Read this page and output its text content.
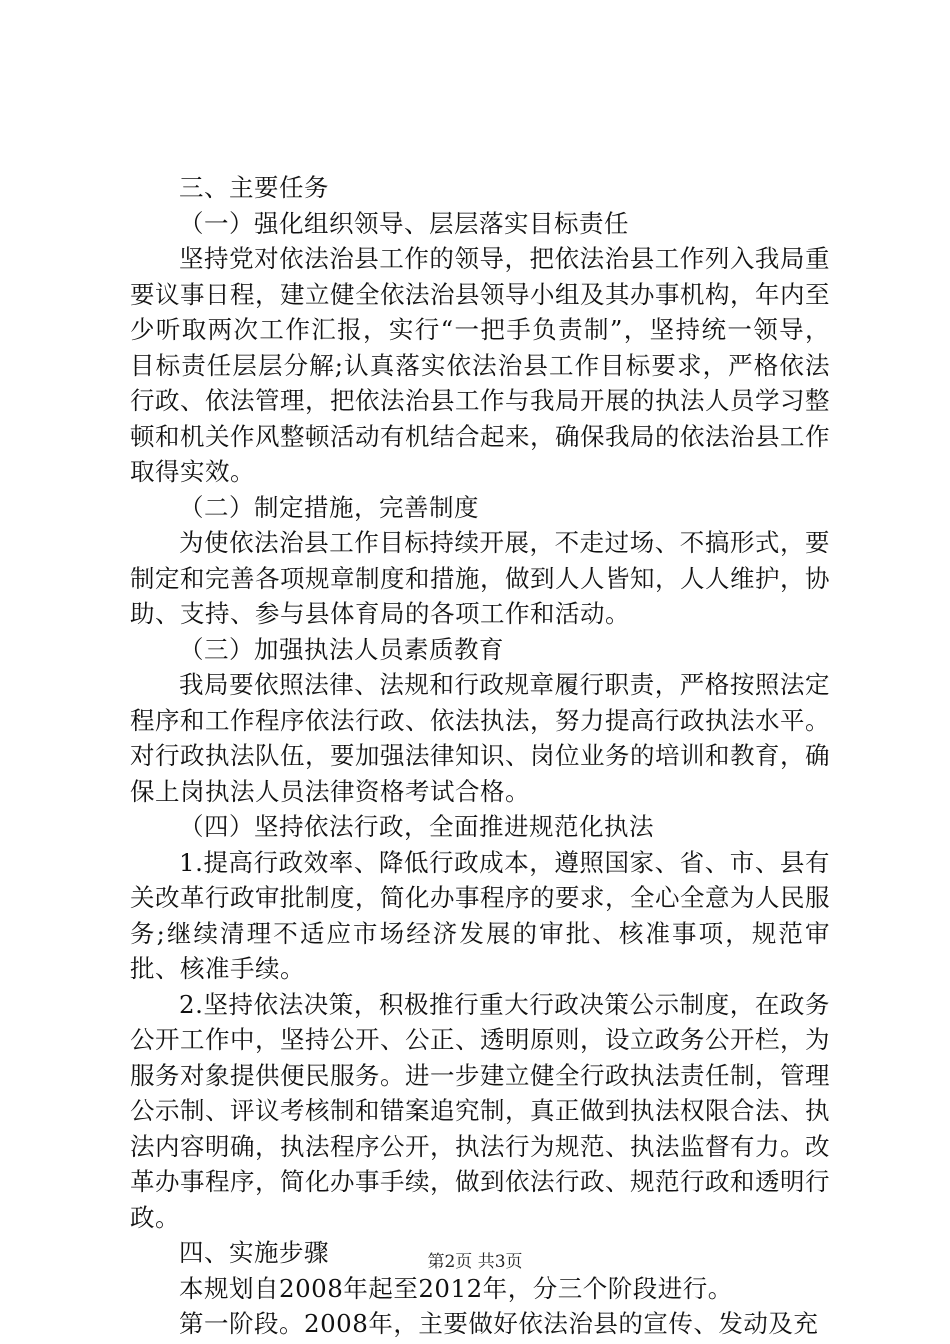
三、主要任务

（一）强化组织领导、层层落实目标责任

坚持党对依法治县工作的领导，把依法治县工作列入我局重要议事日程，建立健全依法治县领导小组及其办事机构，年内至少听取两次工作汇报，实行“一把手负责制”，坚持统一领导，目标责任层层分解;认真落实依法治县工作目标要求，严格依法行政、依法管理，把依法治县工作与我局开展的执法人员学习整顿和机关作风整顿活动有机结合起来，确保我局的依法治县工作取得实效。

（二）制定措施，完善制度

为使依法治县工作目标持续开展，不走过场、不搞形式，要制定和完善各项规章制度和措施，做到人人皆知，人人维护，协助、支持、参与县体育局的各项工作和活动。

（三）加强执法人员素质教育

我局要依照法律、法规和行政规章履行职责，严格按照法定程序和工作程序依法行政、依法执法，努力提高行政执法水平。对行政执法队伍，要加强法律知识、岗位业务的培训和教育，确保上岗执法人员法律资格考试合格。

（四）坚持依法行政，全面推进规范化执法

1.提高行政效率、降低行政成本，遵照国家、省、市、县有关改革行政审批制度，简化办事程序的要求，全心全意为人民服务;继续清理不适应市场经济发展的审批、核准事项，规范审批、核准手续。

2.坚持依法决策，积极推行重大行政决策公示制度，在政务公开工作中，坚持公开、公正、透明原则，设立政务公开栏，为服务对象提供便民服务。进一步建立健全行政执法责任制，管理公示制、评议考核制和错案追究制，真正做到执法权限合法、执法内容明确，执法程序公开，执法行为规范、执法监督有力。改革办事程序，简化办事手续，做到依法行政、规范行政和透明行政。

四、实施步骤

本规划自2008年起至2012年，分三个阶段进行。

第一阶段。2008年，主要做好依法治县的宣传、发动及充

第2页 共3页
